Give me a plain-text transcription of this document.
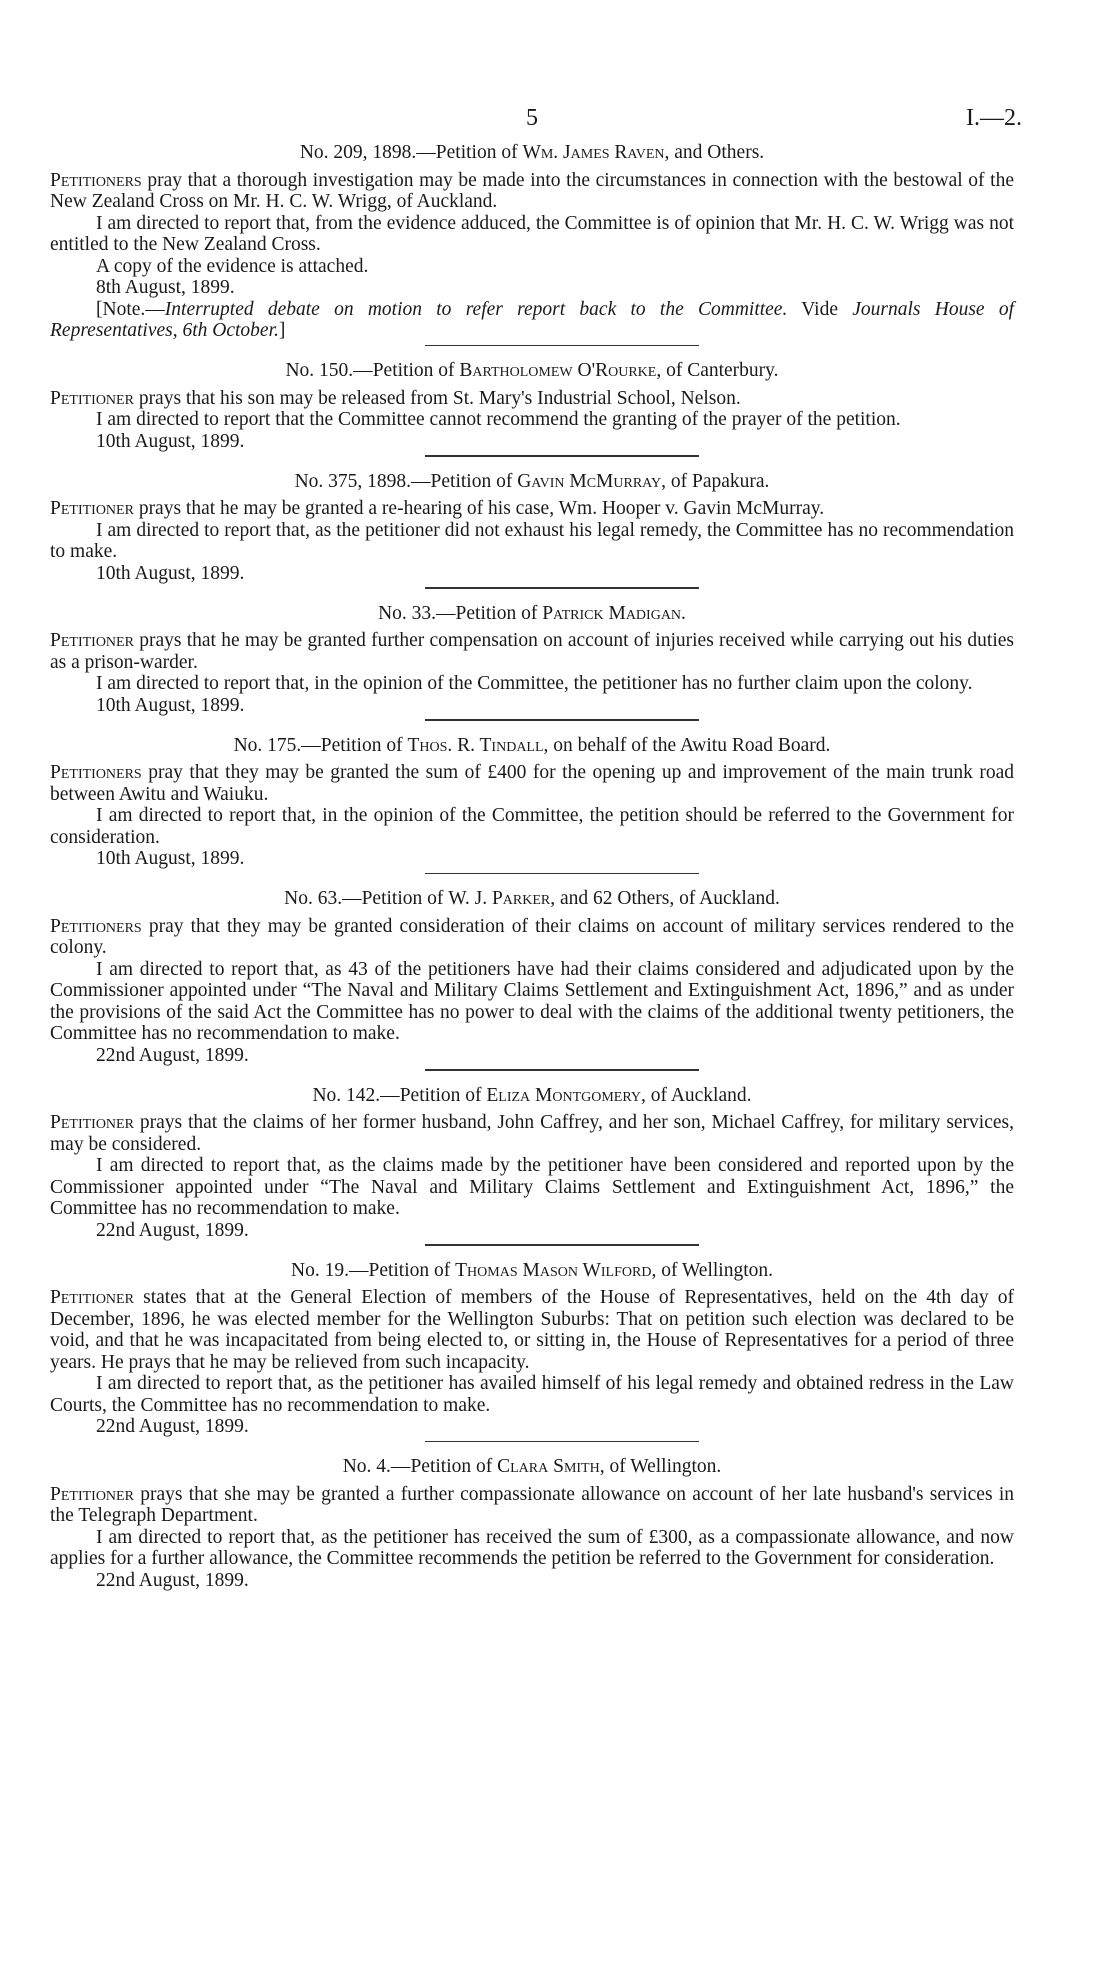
5	I.—2.
No. 209, 1898.—Petition of Wm. James Raven, and Others.

Petitioners pray that a thorough investigation may be made into the circumstances in connection with the bestowal of the New Zealand Cross on Mr. H. C. W. Wrigg, of Auckland.

I am directed to report that, from the evidence adduced, the Committee is of opinion that Mr. H. C. W. Wrigg was not entitled to the New Zealand Cross.

A copy of the evidence is attached.

8th August, 1899.

[Note.—Interrupted debate on motion to refer report back to the Committee. Vide Journals House of Representatives, 6th October.]

No. 150.—Petition of Bartholomew O'Rourke, of Canterbury.

Petitioner prays that his son may be released from St. Mary's Industrial School, Nelson.

I am directed to report that the Committee cannot recommend the granting of the prayer of the petition.

10th August, 1899.

No. 375, 1898.—Petition of Gavin McMurray, of Papakura.

Petitioner prays that he may be granted a re-hearing of his case, Wm. Hooper v. Gavin McMurray.

I am directed to report that, as the petitioner did not exhaust his legal remedy, the Committee has no recommendation to make.

10th August, 1899.

No. 33.—Petition of Patrick Madigan.

Petitioner prays that he may be granted further compensation on account of injuries received while carrying out his duties as a prison-warder.

I am directed to report that, in the opinion of the Committee, the petitioner has no further claim upon the colony.

10th August, 1899.

No. 175.—Petition of Thos. R. Tindall, on behalf of the Awitu Road Board.

Petitioners pray that they may be granted the sum of £400 for the opening up and improvement of the main trunk road between Awitu and Waiuku.

I am directed to report that, in the opinion of the Committee, the petition should be referred to the Government for consideration.

10th August, 1899.

No. 63.—Petition of W. J. Parker, and 62 Others, of Auckland.

Petitioners pray that they may be granted consideration of their claims on account of military services rendered to the colony.

I am directed to report that, as 43 of the petitioners have had their claims considered and adjudicated upon by the Commissioner appointed under “The Naval and Military Claims Settlement and Extinguishment Act, 1896,” and as under the provisions of the said Act the Committee has no power to deal with the claims of the additional twenty petitioners, the Committee has no recommendation to make.

22nd August, 1899.

No. 142.—Petition of Eliza Montgomery, of Auckland.

Petitioner prays that the claims of her former husband, John Caffrey, and her son, Michael Caffrey, for military services, may be considered.

I am directed to report that, as the claims made by the petitioner have been considered and reported upon by the Commissioner appointed under “The Naval and Military Claims Settlement and Extinguishment Act, 1896,” the Committee has no recommendation to make.

22nd August, 1899.

No. 19.—Petition of Thomas Mason Wilford, of Wellington.

Petitioner states that at the General Election of members of the House of Representatives, held on the 4th day of December, 1896, he was elected member for the Wellington Suburbs: That on petition such election was declared to be void, and that he was incapacitated from being elected to, or sitting in, the House of Representatives for a period of three years. He prays that he may be relieved from such incapacity.

I am directed to report that, as the petitioner has availed himself of his legal remedy and obtained redress in the Law Courts, the Committee has no recommendation to make.

22nd August, 1899.

No. 4.—Petition of Clara Smith, of Wellington.

Petitioner prays that she may be granted a further compassionate allowance on account of her late husband's services in the Telegraph Department.

I am directed to report that, as the petitioner has received the sum of £300, as a compassionate allowance, and now applies for a further allowance, the Committee recommends the petition be referred to the Government for consideration.

22nd August, 1899.
